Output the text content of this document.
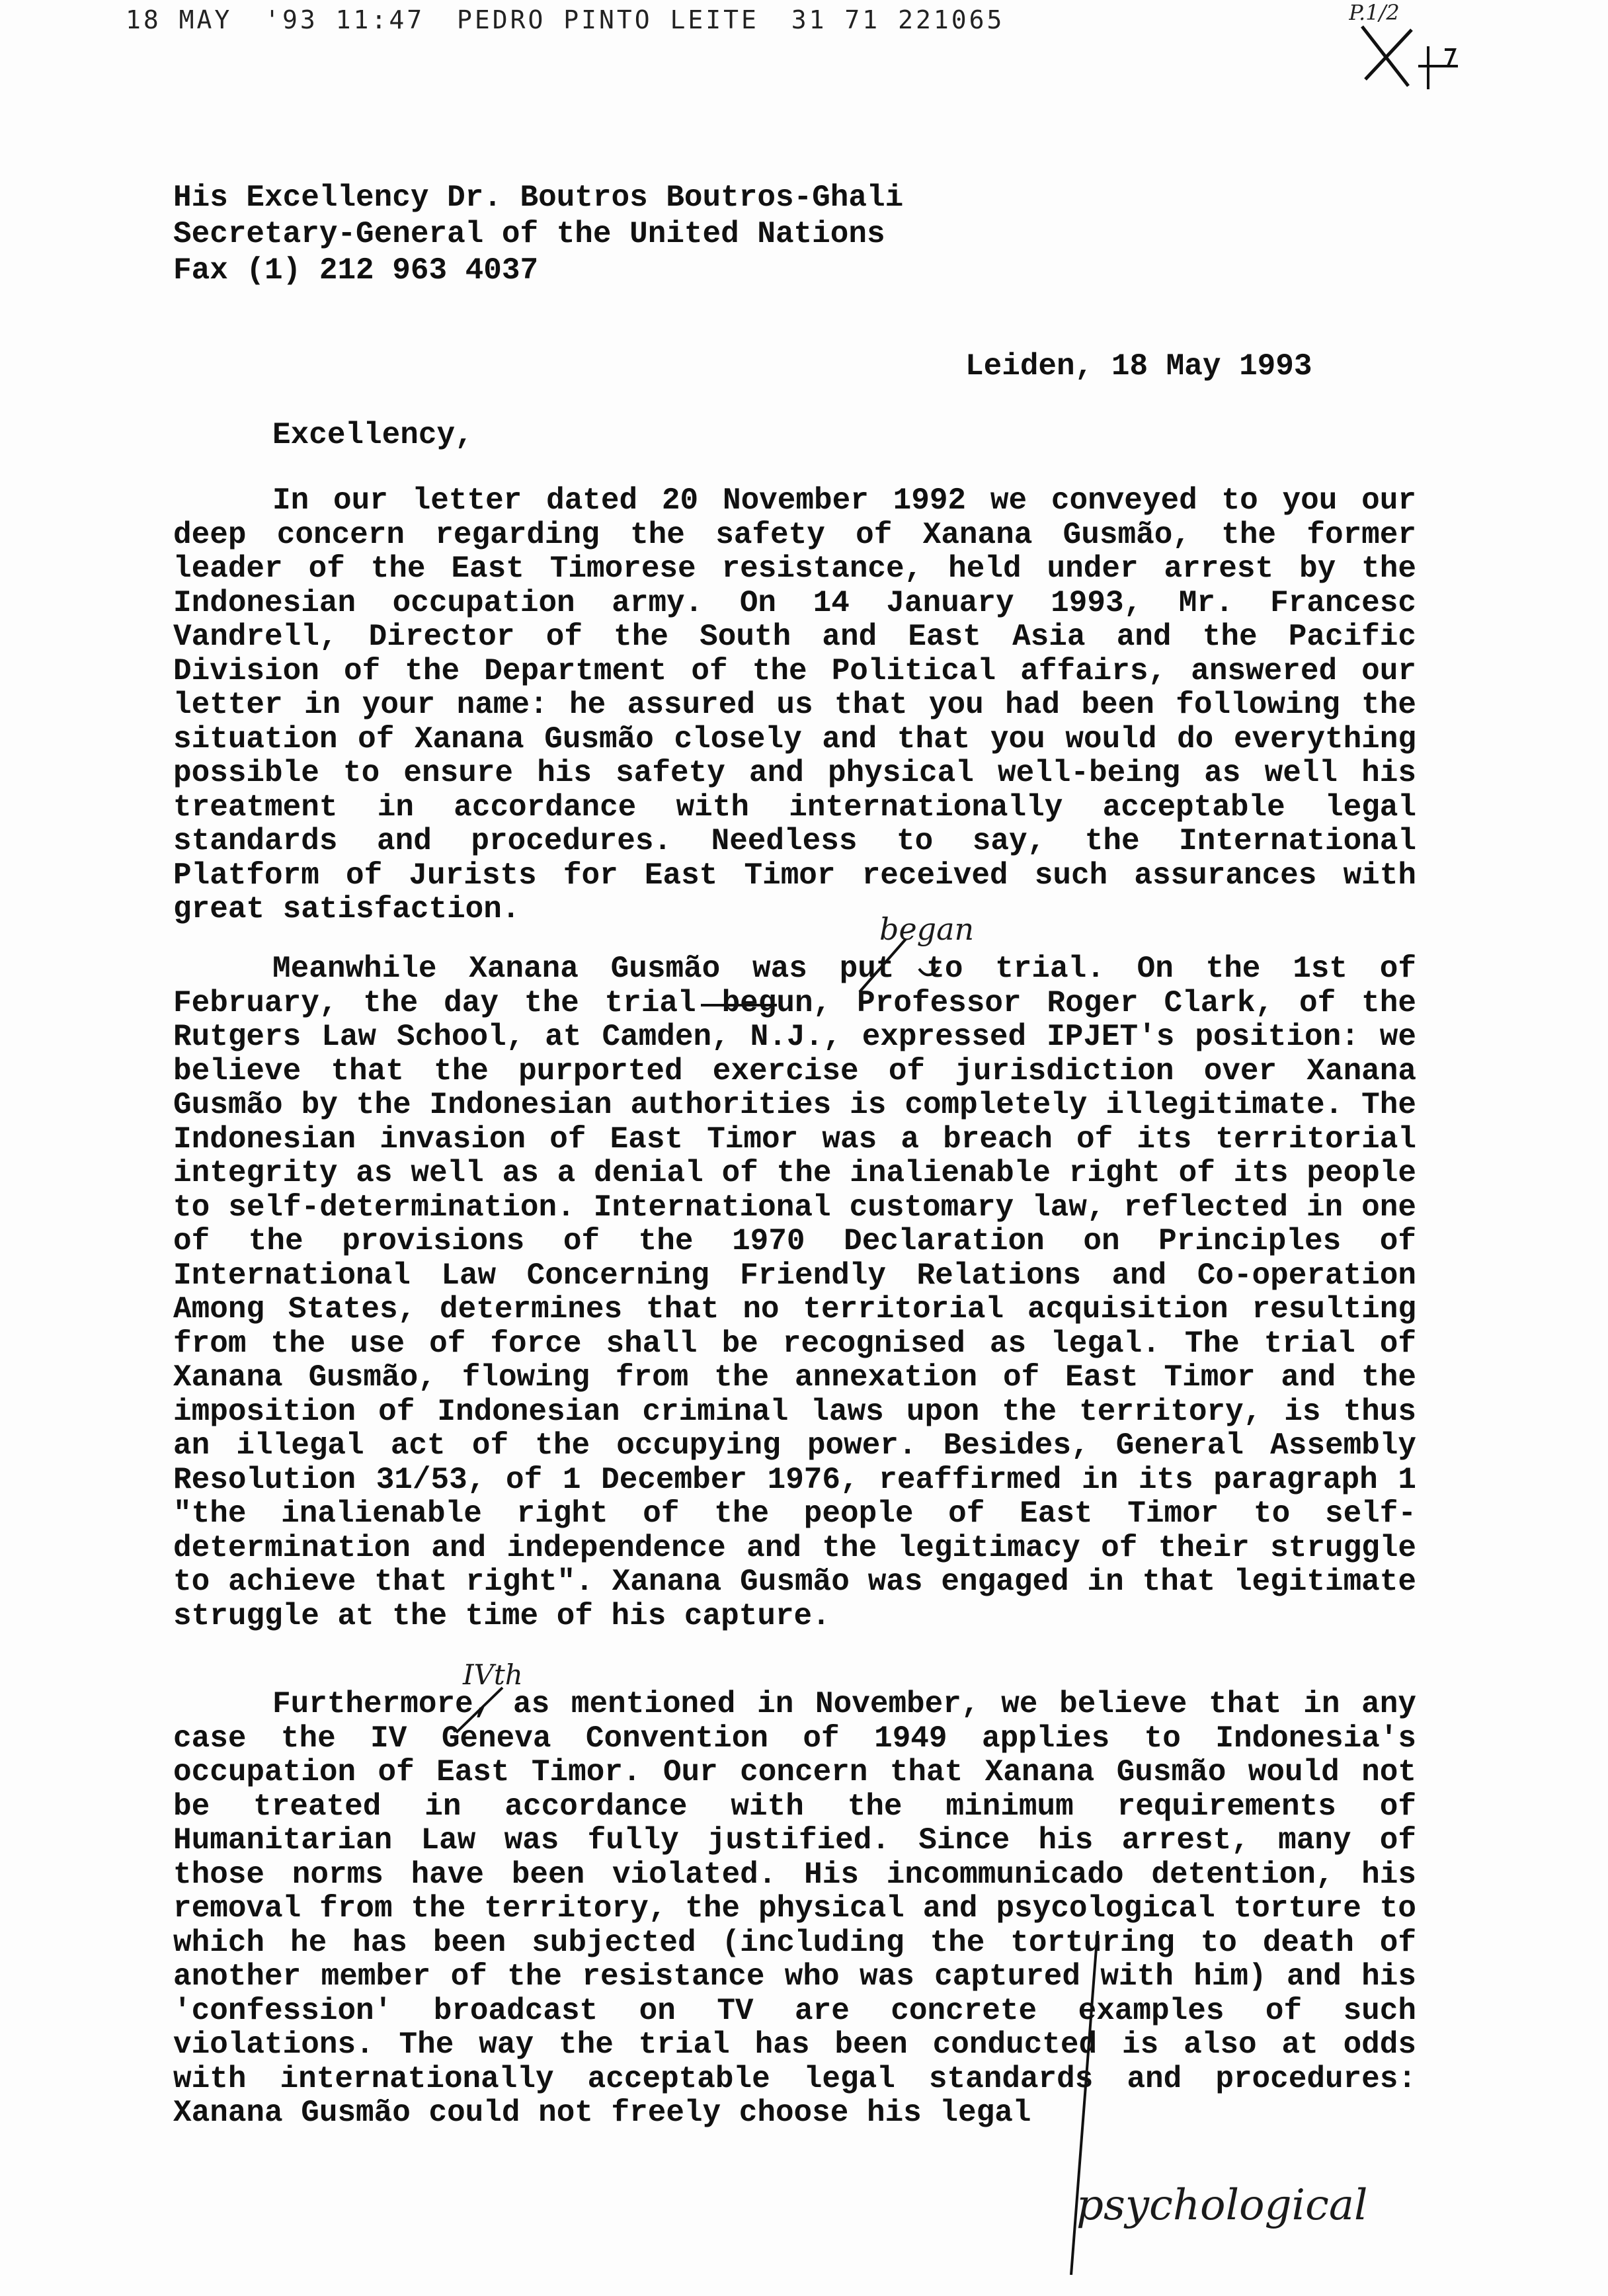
18 MAY '93 11:47 PEDRO PINTO LEITE 31 71 221065	P.1/2
His Excellency Dr. Boutros Boutros-Ghali
Secretary-General of the United Nations
Fax (1) 212 963 4037
Leiden, 18 May 1993
Excellency,

In our letter dated 20 November 1992 we conveyed to you our deep concern regarding the safety of Xanana Gusmão, the former leader of the East Timorese resistance, held under arrest by the Indonesian occupation army. On 14 January 1993, Mr. Francesc Vandrell, Director of the South and East Asia and the Pacific Division of the Department of the Political affairs, answered our letter in your name: he assured us that you had been following the situation of Xanana Gusmão closely and that you would do everything possible to ensure his safety and physical well-being as well his treatment in accordance with internationally acceptable legal standards and procedures. Needless to say, the International Platform of Jurists for East Timor received such assurances with great satisfaction.

Meanwhile Xanana Gusmão was put to trial. On the 1st of February, the day the trial begun, Professor Roger Clark, of the Rutgers Law School, at Camden, N.J., expressed IPJET's position: we believe that the purported exercise of jurisdiction over Xanana Gusmão by the Indonesian authorities is completely illegitimate. The Indonesian invasion of East Timor was a breach of its territorial integrity as well as a denial of the inalienable right of its people to self-determination. International customary law, reflected in one of the provisions of the 1970 Declaration on Principles of International Law Concerning Friendly Relations and Co-operation Among States, determines that no territorial acquisition resulting from the use of force shall be recognised as legal. The trial of Xanana Gusmão, flowing from the annexation of East Timor and the imposition of Indonesian criminal laws upon the territory, is thus an illegal act of the occupying power. Besides, General Assembly Resolution 31/53, of 1 December 1976, reaffirmed in its paragraph 1 "the inalienable right of the people of East Timor to self-determination and independence and the legitimacy of their struggle to achieve that right". Xanana Gusmão was engaged in that legitimate struggle at the time of his capture.

Furthermore, as mentioned in November, we believe that in any case the IV Geneva Convention of 1949 applies to Indonesia's occupation of East Timor. Our concern that Xanana Gusmão would not be treated in accordance with the minimum requirements of Humanitarian Law was fully justified. Since his arrest, many of those norms have been violated. His incommunicado detention, his removal from the territory, the physical and psycological torture to which he has been subjected (including the torturing to death of another member of the resistance who was captured with him) and his 'confession' broadcast on TV are concrete examples of such violations. The way the trial has been conducted is also at odds with internationally acceptable legal standards and procedures: Xanana Gusmão could not freely choose his legal

began
IVth
psychological
